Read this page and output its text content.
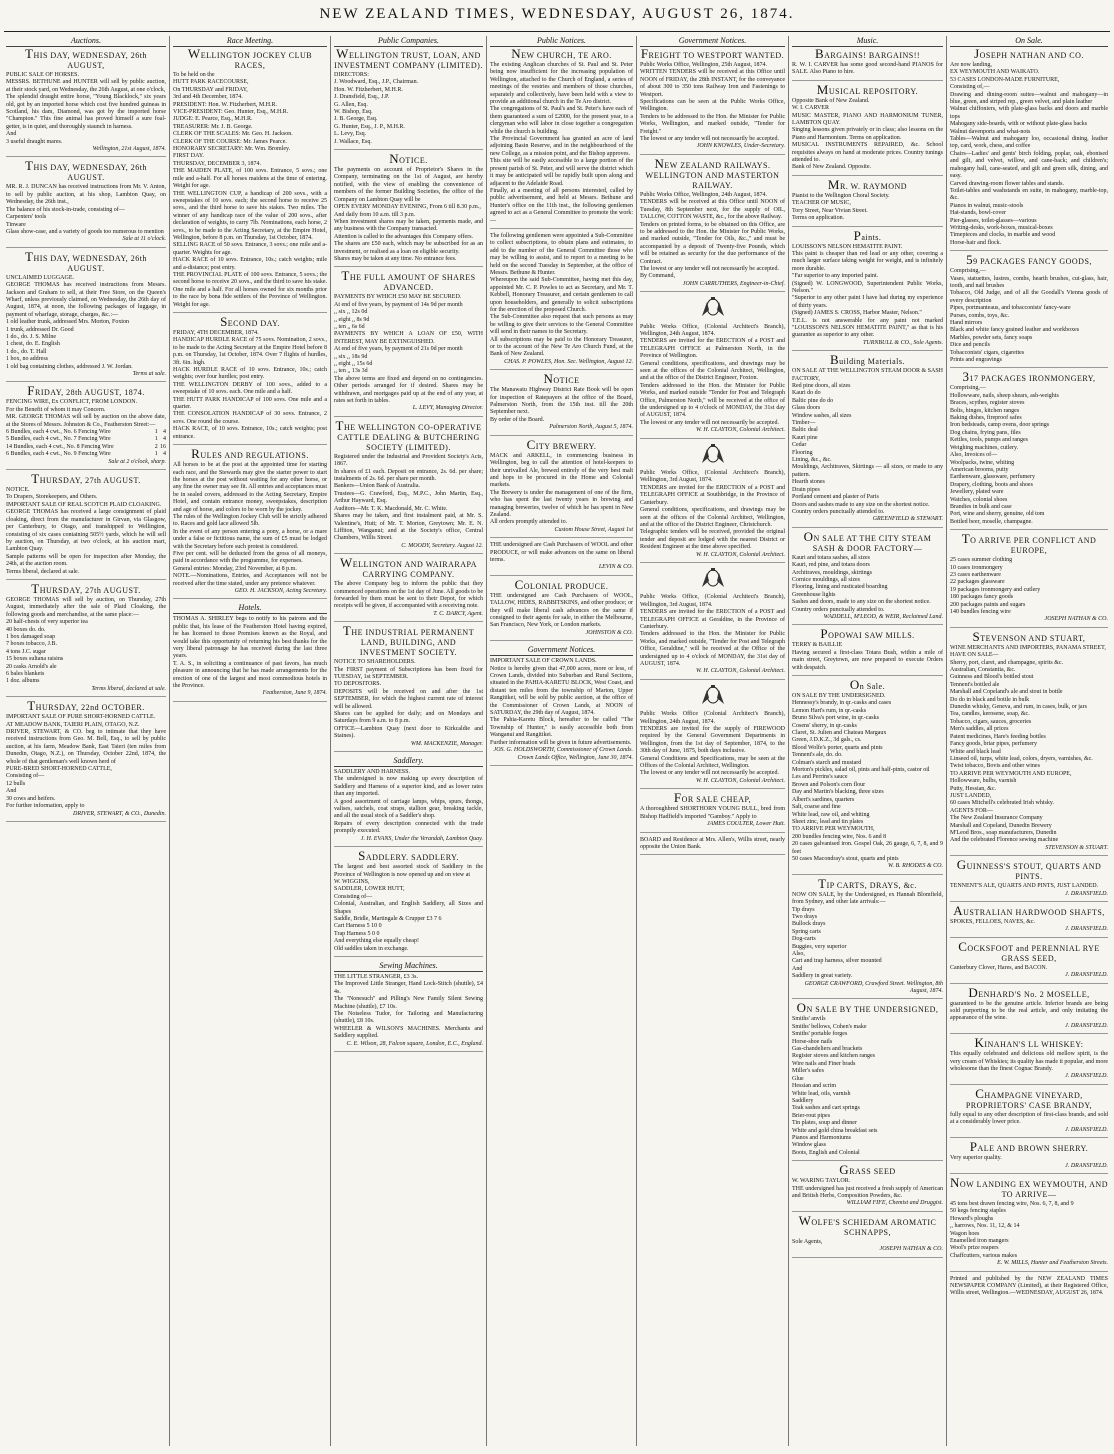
NEW ZEALAND TIMES, WEDNESDAY, AUGUST 26, 1874.
Auctions.
THIS DAY, WEDNESDAY, 26th AUGUST,
PUBLIC SALE OF HORSES.
MESSRS. BETHUNE and HUNTER will sell by public auction, at their stock yard, on Wednesday, the 26th August, at one o'clock,
The splendid draught entire horse, "Young Blacklock," six years old, got by an imported horse which cost five hundred guineas in Scotland, his dam, Diamond, was got by the imported horse "Champion." This fine animal has proved himself a sure foal-getter, is in quiet, and thoroughly staunch in harness.
And
3 useful draught mares.
Wellington, 21st August, 1874.
THIS DAY, WEDNESDAY, 26th AUGUST.
MR. R. J. DUNCAN has received instructions from Mr. V. Anton, to sell by public auction, at his shop, Lambton Quay, on Wednesday, the 26th inst.,
The balance of his stock-in-trade, consisting of—
Carpenters' tools
Tinware
Glass show-case, and a variety of goods too numerous to mention
Sale at 11 o'clock.
THIS DAY, WEDNESDAY, 26th AUGUST.
UNCLAIMED LUGGAGE.
GEORGE THOMAS has received instructions from Messrs. Jackson and Graham to sell, at their Free Store, on the Queen's Wharf, unless previously claimed, on Wednesday, the 26th day of August, 1874, at noon, the following packages of luggage, in payment of wharfage, storage, charges, &c.:—
1 old leather trunk, addressed Mrs. Morton, Foxton
1 trunk, addressed Dr. Good
1 do., do. J. S. Milne
1 chest, do. E. English
1 do., do. T. Hall
1 box, no address
1 old bag containing clothes, addressed J. W. Jordan.
Terms at sale.
FRIDAY, 28th AUGUST, 1874.
FENCING WIRE, Ex CONFLICT, FROM LONDON.
For the Benefit of whom it may Concern.
MR. GEORGE THOMAS will sell by auction on the above date, at the Stores of Messrs. Johnston & Co., Featherston Street:—
6 Bundles, each 4 cwt., No. 6 Fencing Wire	1	4
5 Bundles, each 4 cwt., No. 7 Fencing Wire	1	4
14 Bundles, each 4 cwt., No. 8 Fencing Wire	2	16
6 Bundles, each 4 cwt., No. 9 Fencing Wire	1	4
Sale at 2 o'clock, sharp.
THURSDAY, 27th AUGUST.
NOTICE.
To Drapers, Storekeepers, and Others.
IMPORTANT SALE OF REAL SCOTCH PLAID CLOAKING.
GEORGE THOMAS has received a large consignment of plaid cloaking, direct from the manufacturer in Girvan, via Glasgow, per Canterbury, to Otago, and transhipped to Wellington, consisting of six cases containing 505½ yards, which he will sell by auction, on Thursday, at two o'clock, at his auction mart, Lambton Quay.
Sample patterns will be open for inspection after Monday, the 24th, at the auction room.
Terms liberal, declared at sale.
THURSDAY, 27th AUGUST.
GEORGE THOMAS will sell by auction, on Thursday, 27th August, immediately after the sale of Plaid Cloaking, the following goods and merchandise, at the same place:—
20 half-chests of very superior tea
40 boxes do. do.
1 box damaged soap
7 boxes tobacco, J.B.
4 tons J.C. sugar
15 boxes sultana raisins
20 casks Arnold's ale
6 bales blankets
1 doz. albums
Terms liberal, declared at sale.
THURSDAY, 22nd OCTOBER.
IMPORTANT SALE OF PURE SHORT-HORNED CATTLE.
AT MEADOW BANK, TAIERI PLAIN, OTAGO, N.Z.
DRIVER, STEWART, & CO. beg to intimate that they have received instructions from Geo. M. Bell, Esq., to sell by public auction, at his farm, Meadow Bank, East Taieri (ten miles from Dunedin, Otago, N.Z.), on Thursday, October 22nd, 1874, the whole of that gentleman's well known herd of
PURE-BRED SHORT-HORNED CATTLE,
Consisting of—
12 bulls
And
30 cows and heifers.
For further information, apply to
DRIVER, STEWART, & CO., Dunedin.
Race Meeting.
WELLINGTON JOCKEY CLUB RACES,
To be held on the
HUTT PARK RACECOURSE,
On THURSDAY and FRIDAY,
3rd and 4th December, 1874.
PRESIDENT: Hon. W. Fitzherbert, M.H.R.
VICE-PRESIDENT: Geo. Hunter, Esq., M.H.R.
JUDGE: E. Pearce, Esq., M.H.R.
TREASURER: Mr. J. B. George.
CLERK OF THE SCALES: Mr. Geo. H. Jackson.
CLERK OF THE COURSE: Mr. James Pearce.
HONORARY SECRETARY: Mr. Wm. Bromley.
FIRST DAY.
THURSDAY, DECEMBER 3, 1874.
THE MAIDEN PLATE, of 100 sovs. Entrance, 5 sovs.; one mile and a-half. For all horses maidens at the time of entering. Weight for age.
THE WELLINGTON CUP, a handicap of 200 sovs., with a sweepstakes of 10 sovs. each; the second horse to receive 25 sovs., and the third horse to save his stakes. Two miles. The winner of any handicap race of the value of 200 sovs., after declaration of weights, to carry 7lb. Nominations, each horse, 2 sovs., to be made to the Acting Secretary, at the Empire Hotel, Wellington, before 8 p.m. on Thursday, 1st October, 1874.
SELLING RACE of 50 sovs. Entrance, 3 sovs.; one mile and a-quarter. Weights for age.
HACK RACE of 10 sovs. Entrance, 10s.; catch weights; mile and a-distance; post entry.
THE PROVINCIAL PLATE of 100 sovs. Entrance, 5 sovs.; the second horse to receive 20 sovs., and the third to save his stake. One mile and a half. For all horses owned for six months prior to the race by bona fide settlers of the Province of Wellington. Weight for age.
SECOND DAY.
FRIDAY, 4TH DECEMBER, 1874.
HANDICAP HURDLE RACE of 75 sovs. Nomination, 2 sovs., to be made to the Acting Secretary at the Empire Hotel before 8 p.m. on Thursday, 1st October, 1874. Over 7 flights of hurdles, 3ft. 6in. high.
HACK HURDLE RACE of 10 sovs. Entrance, 10s.; catch weights; over four hurdles; post entry.
THE WELLINGTON DERBY of 100 sovs., added to a sweepstake of 10 sovs. each. One mile and a half.
THE HUTT PARK HANDICAP of 100 sovs. One mile and a quarter.
THE CONSOLATION HANDICAP of 30 sovs. Entrance, 2 sovs. One round the course.
HACK RACE, of 10 sovs. Entrance, 10s.; catch weights; post entrance.
RULES AND REGULATIONS.
All horses to be at the post at the appointed time for starting each race, and the Stewards may give the starter power to start the horses at the post without waiting for any other horse, or any fine the owner may see fit. All entries and acceptances must be in sealed covers, addressed to the Acting Secretary, Empire Hotel, and contain entrance money, sweepstakes, description and age of horse, and colors to be worn by the jockey.
The rules of the Wellington Jockey Club will be strictly adhered to. Races and gold lace allowed 5lb.
In the event of any person entering a pony, a horse, or a mare under a false or fictitious name, the sum of £5 must be lodged with the Secretary before such protest is considered.
Five per cent. will be deducted from the gross of all moneys, paid in accordance with the programme, for expenses.
General entries: Monday, 23rd November, at 8 p.m.
NOTE.—Nominations, Entries, and Acceptances will not be received after the time stated, under any pretence whatever.
GEO. H. JACKSON, Acting Secretary.
Hotels.
THOMAS A. SHIRLEY begs to notify to his patrons and the public that, his lease of the Featherston Hotel having expired, he has licensed to those Premises known as the Royal, and would take this opportunity of returning his best thanks for the very liberal patronage he has received during the last three years.
T. A. S., in soliciting a continuance of past favors, has much pleasure in announcing that he has made arrangements for the erection of one of the largest and most commodious hotels in the Province.
Featherston, June 9, 1874.
Public Companies.
WELLINGTON TRUST, LOAN, AND INVESTMENT COMPANY (LIMITED).
DIRECTORS:
J. Woodward, Esq., J.P., Chairman.
Hon. W. Fitzherbert, M.H.R.
J. Dransfield, Esq., J.P.
G. Allen, Esq.
W. Bishop, Esq.
J. B. George, Esq.
G. Hunter, Esq., J. P., M.H.R.
L. Levy, Esq.
J. Wallace, Esq.
NOTICE.
The payments on account of Proprietor's Shares in the Company, terminating on the 1st of August, are hereby notified, with the view of enabling the convenience of members of the former Building Societies, the office of the Company on Lambton Quay will be
OPEN EVERY MONDAY EVENING, From 6 till 8.30 p.m.,
And daily from 10 a.m. till 3 p.m.
When investment shares may be taken, payments made, and any business with the Company transacted.
Attention is called to the advantages this Company offers.
The shares are £50 each, which may be subscribed for as an investment, or realised as a loan on eligible security.
Shares may be taken at any time. No entrance fees.
THE FULL AMOUNT OF SHARES ADVANCED.
PAYMENTS BY WHICH £50 MAY BE SECURED.
At end of five years, by payment of 14s 9d per month
,, six ,, 12s 0d
,, eight ,, 8s 9d
,, ten ,, 6s 6d
PAYMENTS BY WHICH A LOAN OF £50, WITH INTEREST, MAY BE EXTINGUISHED.
At end of five years, by payment of 21s 0d per month
,, six ,, 18s 9d
,, eight ,, 15s 6d
,, ten ,, 13s 3d
The above terms are fixed and depend on no contingencies. Other periods arranged for if desired. Shares may be withdrawn, and mortgages paid up at the end of any year, at rates set forth in tables.
L. LEVY, Managing Director.
THE WELLINGTON CO-OPERATIVE CATTLE DEALING & BUTCHERING SOCIETY (LIMITED).
Registered under the Industrial and Provident Society's Acts, 1867.
In shares of £1 each. Deposit on entrance, 2s. 6d. per share; instalments of 2s. 6d. per share per month.
Bankers—Union Bank of Australia.
Trustees—G. Crawford, Esq., M.P.C., John Martin, Esq., Arthur Hayward, Esq.
Auditors—Mr. T. K. Macdonald, Mr. C. White.
Shares may be taken, and first instalment paid, at Mr. S. Valentine's, Hutt; of Mr. T. Morton, Greytown; Mr. E. N. Liffiton, Wanganui; and at the Society's office, Central Chambers, Willis Street.
C. MOODY, Secretary. August 12.
WELLINGTON AND WAIRARAPA CARRYING COMPANY.
The above Company beg to inform the public that they commenced operations on the 1st day of June. All goods to be forwarded by them must be sent to their Depot, for which receipts will be given, if accompanied with a receiving note.
T. C. DARCY, Agent.
THE INDUSTRIAL PERMANENT LAND, BUILDING, AND INVESTMENT SOCIETY.
NOTICE TO SHAREHOLDERS.
The FIRST payment of Subscriptions has been fixed for TUESDAY, 1st SEPTEMBER.
TO DEPOSITORS.
DEPOSITS will be received on and after the 1st SEPTEMBER, for which the highest current rate of interest will be allowed.
Shares can be applied for daily; and on Mondays and Saturdays from 9 a.m. to 8 p.m.
OFFICE—Lambton Quay (next door to Kirkcaldie and Staines).
WM. MACKENZIE, Manager.
Saddlery.
SADDLERY AND HARNESS.
The undersigned is now making up every description of Saddlery and Harness of a superior kind, and as lower rates than any imported.
A good assortment of carriage lamps, whips, spurs, thongs, valises, satchels, coat straps, stallion gear, breaking tackle, and all the usual stock of a Saddler's shop.
Repairs of every description connected with the trade promptly executed.
J. H. EVANS, Under the Verandah, Lambton Quay.
SADDLERY. SADDLERY.
The largest and best assorted stock of Saddlery in the Province of Wellington is now opened up and on view at
W. WIGGINS,
SADDLER, LOWER HUTT,
Consisting of—
Colonial, Australian, and English Saddlery, all Sizes and Shapes
Saddle, Bridle, Martingale & Crupper £3 7 6
Cart Harness 5 10 0
Trap Harness 5 0 0
And everything else equally cheap!
Old saddles taken in exchange.
Sewing Machines.
THE LITTLE STRANGER, £3 3s.
The Improved Little Stranger, Hand Lock-Stitch (shuttle), £4 4s.
The "Nonesuch" and Pilling's New Family Silent Sewing Machine (shuttle), £7 10s.
The Noiseless Tudor, for Tailoring and Manufacturing (shuttle), £8 10s.
WHEELER & WILSON'S MACHINES. Merchants and Saddlery supplied.
C. E. Wilson, 28, Falcon square, London, E.C., England.
Public Notices.
NEW CHURCH, TE ARO.
The existing Anglican churches of St. Paul and St. Peter being now insufficient for the increasing population of Wellington, attached to the Church of England, a series of meetings of the vestries and members of those churches, separately and collectively, have been held with a view to provide an additional church in the Te Aro district.
The congregations of St. Paul's and St. Peter's have each of them guaranteed a sum of £2000, for the present year, to a clergyman who will labor in close together a congregation while the church is building.
The Provincial Government has granted an acre of land adjoining Basin Reserve, and in the neighbourhood of the new College, as a mission point, and the Bishop approves.
This site will be easily accessible to a large portion of the present parish of St. Peter, and will serve the district which it may be anticipated will be rapidly built upon along and adjacent to the Adelaide Road.
Finally, at a meeting of all persons interested, called by public advertisement, and held at Messrs. Bethune and Hunter's office on the 11th inst., the following gentlemen agreed to act as a General Committee to promote the work:—
The following gentlemen were appointed a Sub-Committee to collect subscriptions, to obtain plans and estimates, to add to the number of the General Committee those who may be willing to assist, and to report to a meeting to be held on the second Tuesday in September, at the office of Messrs. Bethune & Hunter.
Whereupon the said Sub-Committee, having met this day, appointed Mr. C. P. Powles to act as Secretary, and Mr. T. Kebbell, Honorary Treasurer, and certain gentlemen to call upon householders, and generally to solicit subscriptions for the erection of the proposed Church.
The Sub-Committee also request that such persons as may be willing to give their services to the General Committee will send in their names to the Secretary.
All subscriptions may be paid to the Honorary Treasurer, or to the account of the New Te Aro Church Fund, at the Bank of New Zealand.
CHAS. P. POWLES, Hon. Sec. Wellington, August 12.
NOTICE
The Manawatu Highway District Rate Book will be open for inspection of Ratepayers at the office of the Board, Palmerston North, from the 15th inst. till the 20th September next.
By order of the Board.
Palmerston North, August 5, 1874.
CITY BREWERY.
MACK and ARKELL, in commencing business in Wellington, beg to call the attention of hotel-keepers to their unrivalled Ale, brewed entirely of the very best malt and hops to be procured in the Home and Colonial markets.
The Brewery is under the management of one of the firm, who has spent the last twenty years in brewing and managing breweries, twelve of which he has spent in New Zealand.
All orders promptly attended to.
Custom House Street, August 1st
THE undersigned are Cash Purchasers of WOOL and other PRODUCE, or will make advances on the same on liberal terms.
LEVIN & CO.
COLONIAL PRODUCE.
THE undersigned are Cash Purchasers of WOOL, TALLOW, HIDES, RABBITSKINS, and other produce; or they will make liberal cash advances on the same if consigned to their agents for sale, in either the Melbourne, San Francisco, New York, or London markets.
JOHNSTON & CO.
Government Notices.
IMPORTANT SALE OF CROWN LANDS.
Notice is hereby given that 47,000 acres, more or less, of Crown Lands, divided into Suburban and Rural Sections, situated in the PAHIA-KARETU BLOCK, West Coast, and distant ten miles from the township of Marton, Upper Rangitikei, will be sold by public auction, at the office of the Commissioner of Crown Lands, at NOON of SATURDAY, the 29th day of August, 1874.
The Pahia-Karetu Block, hereafter to be called "The Township of Hunter," is easily accessible both from Wanganui and Rangitikei.
Further information will be given in future advertisements.
JOS. G. HOLDSWORTH, Commissioner of Crown Lands. Crown Lands Office, Wellington, June 30, 1874.
Government Notices.
FREIGHT TO WESTPORT WANTED.
Public Works Office, Wellington, 25th August, 1874.
WRITTEN TENDERS will be received at this Office until NOON of FRIDAY, the 28th INSTANT, for the conveyance of about 300 to 350 tons Railway Iron and Fastenings to Westport.
Specifications can be seen at the Public Works Office, Wellington.
Tenders to be addressed to the Hon. the Minister for Public Works, Wellington, and marked outside, "Tender for Freight."
The lowest or any tender will not necessarily be accepted.
JOHN KNOWLES, Under-Secretary.
NEW ZEALAND RAILWAYS. WELLINGTON AND MASTERTON RAILWAY.
Public Works Office, Wellington, 24th August, 1874.
TENDERS will be received at this Office until NOON of Tuesday, 8th September next, for the supply of OIL, TALLOW, COTTON WASTE, &c., for the above Railway.
Tenders on printed forms, to be obtained on this Office, are to be addressed to the Hon. the Minister for Public Works, and marked outside, "Tender for Oils, &c.," and must be accompanied by a deposit of Twenty-five Pounds, which will be retained as security for the due performance of the Contract.
The lowest or any tender will not necessarily be accepted.
By Command,
JOHN CARRUTHERS, Engineer-in-Chief.
Public Works Office, (Colonial Architect's Branch), Wellington, 24th August, 1874.
TENDERS are invited for the ERECTION of a POST and TELEGRAPH OFFICE at Palmerston North, in the Province of Wellington.
General conditions, specifications, and drawings may be seen at the offices of the Colonial Architect, Wellington, and at the office of the District Engineer, Foxton.
Tenders addressed to the Hon. the Minister for Public Works, and marked outside "Tender for Post and Telegraph Office, Palmerston North," will be received at the office of the undersigned up to 4 o'clock of MONDAY, the 31st day of AUGUST, 1874.
The lowest or any tender will not necessarily be accepted.
W. H. CLAYTON, Colonial Architect.
Public Works Office, (Colonial Architect's Branch), Wellington, 3rd August, 1874.
TENDERS are invited for the ERECTION of a POST and TELEGRAPH OFFICE at Southbridge, in the Province of Canterbury.
General conditions, specifications, and drawings may be seen at the offices of the Colonial Architect, Wellington, and at the office of the District Engineer, Christchurch.
Telegraphic tenders will be received, provided the original tender and deposit are lodged with the nearest District or Resident Engineer at the time above specified.
W. H. CLAYTON, Colonial Architect.
Public Works Office, (Colonial Architect's Branch), Wellington, 3rd August, 1874.
TENDERS are invited for the ERECTION of a POST and TELEGRAPH OFFICE at Geraldine, in the Province of Canterbury.
Tenders addressed to the Hon. the Minister for Public Works, and marked outside, "Tender for Post and Telegraph Office, Geraldine," will be received at the Office of the undersigned up to 4 o'clock of MONDAY, the 31st day of AUGUST, 1874.
W. H. CLAYTON, Colonial Architect.
Public Works Office (Colonial Architect's Branch), Wellington, 24th August, 1874.
TENDERS are invited for the supply of FIREWOOD required by the General Government Departments in Wellington, from the 1st day of September, 1874, to the 30th day of June, 1875, both days inclusive.
General Conditions and Specifications, may be seen at the Offices of the Colonial Architect, Wellington.
The lowest or any tender will not necessarily be accepted.
W. H. CLAYTON, Colonial Architect.
FOR SALE CHEAP,
A thoroughbred SHORTHORN YOUNG BULL, bred from Bishop Hadfield's imported "Gamboy." Apply to
JAMES COULTER, Lower Hutt.
BOARD and Residence at Mrs. Allen's, Willis street, nearly opposite the Union Bank.
Music.
BARGAINS! BARGAINS!!
R. W. I. CARVER has some good second-hand PIANOS for SALE. Also Piano to hire.
MUSICAL REPOSITORY.
Opposite Bank of New Zealand.
W. I. CARVER
MUSIC MASTER, PIANO AND HARMONIUM TUNER, LAMBTON QUAY.
Singing lessons given privately or in class; also lessons on the Piano and Harmonium. Terms on application.
MUSICAL INSTRUMENTS REPAIRED, &c. School requisites always on hand at moderate prices. Country tunings attended to.
Bank of New Zealand. Opposite.
MR. W. RAYMOND
Pianist to the Wellington Choral Society.
TEACHER OF MUSIC,
Tory Street, Near Vivian Street.
Terms on application.
Paints.
LOUISSON'S NELSON HEMATITE PAINT.
This paint is cheaper than red lead or any other, covering a much larger surface taking weight for weight, and is infinitely more durable.
"Far superior to any imported paint.
(Signed) W. LONGWOOD, Superintendent Public Works, Nelson."
"Superior to any other paint I have had during my experience of thirty years.
(Signed) JAMES S. CROSS, Harbor Master, Nelson."
T.E.L. is not answerable for any paint not marked "LOUISSON'S NELSON HEMATITE PAINT," as that is his guarantee as superior to any other.
TURNBULL & CO., Sole Agents.
Building Materials.
ON SALE AT THE WELLINGTON STEAM DOOR & SASH FACTORY,
Red pine doors, all sizes
Kauri do do
Baltic pine do do
Glass doors
Window sashes, all sizes
Timber—
Baltic deal
Kauri pine
Cedar
Flooring
Lining, &c., &c.
Mouldings, Architraves, Skirtings — all sizes, or made to any pattern.
Hearth stones
Drain pipes
Portland cement and plaster of Paris
Doors and sashes made to any size on the shortest notice.
Country orders punctually attended to.
GREENFIELD & STEWART.
ON SALE AT THE CITY STEAM SASH & DOOR FACTORY—
Kauri and totara sashes, all sizes
Kauri, red pine, and totara doors
Architraves, mouldings, skirtings
Cornice mouldings, all sizes
Flooring, lining and rusticated boarding
Greenhouse lights
Sashes and doors, made to any size on the shortest notice.
Country orders punctually attended to.
WADDELL, M'LEOD, & WEIR, Reclaimed Land.
POPOWAI SAW MILLS.
TERRY & BAILLIE
Having secured a first-class Totara Bush, within a mile of main street, Greytown, are now prepared to execute Orders with despatch.
On Sale.
ON SALE BY THE UNDERSIGNED.
Hennessy's brandy, in qr.-casks and cases
Lemon Hart's rum, in qr.-casks
Bruno Silva's port wine, in qr.-casks
Cosens' sherry, in qr.-casks
Claret, St. Julien and Chateau Margaux
Green, J.D.K.Z., 3d gals., cs.
Blood Wolfe's porter, quarts and pints
Tennent's ale, do. do.
Colman's starch and mustard
Morton's pickles, salad oil, pints and half-pints, castor oil
Les and Perrins's sauce
Brown and Polson's corn flour
Day and Martin's blacking, three sizes
Albert's sardines, quarters
Salt, coarse and fine
White lead, raw oil, and whiting
Sheet zinc, lead and tin plates
TO ARRIVE PER WEYMOUTH,
200 bundles fencing wire, Nos. 6 and 8
20 cases galvanised iron. Gospel Oak, 26 gauge, 6, 7, 8, and 9 feet
50 cases Macondray's stout, quarts and pints
W. B. RHODES & CO.
TIP CARTS, DRAYS, &c.
NOW ON SALE, by the Undersigned, ex Hannah Blomfield, from Sydney, and other late arrivals:—
Tip drays
Two drays
Bullock drays
Spring carts
Dog-carts
Buggies, very superior
Also,
Cart and trap harness, silver mounted
And
Saddlery in great variety.
GEORGE CRAWFORD, Crawford Street. Wellington, 8th August, 1874.
ON SALE BY THE UNDERSIGNED,
Smiths' anvils
Smiths' bellows, Cohen's make
Smiths' portable forges
Horse-shoe nails
Gas-chandeliers and brackets
Register stoves and kitchen ranges
Wire nails and Finer brads
Miller's safes
Glue
Hessian and scrim
White lead, oils, varnish
Saddlery
Teak sashes and cart springs
Brier-rout pipes
Tin plates, soup and dinner
White and gold china breakfast sets
Pianos and Harmoniums
Window glass
Boots, English and Colonial
GRASS SEED
W. WARING TAYLOR.
THE undersigned has just received a fresh supply of American and British Herbs, Composition Powders, &c.
WILLIAM FIFE, Chemist and Druggist.
WOLFE'S SCHIEDAM AROMATIC SCHNAPPS,
Sole Agents,
JOSEPH NATHAN & CO.
On Sale.
JOSEPH NATHAN AND CO.
Are now landing,
EX WEYMOUTH AND WAIKATO.
53 CASES LONDON-MADE FURNITURE,
Consisting of,—
Drawing and dining-room suites—walnut and mahogany—in blue, green, and striped rep., green velvet, and plain leather
Walnut chiffoniers, with plate-glass backs and doors and marble tops
Mahogany side-boards, with or without plate-glass backs
Walnut davenports and what-nots
Tables—Walnut and mahogany loo, occasional dining, leather top, card, work, chess, and coffee
Chairs—Ladies' and gents' birch folding, poplar, oak, ebonised and gilt, and velvet, willow, and cane-back; and children's; mahogany hall, cane-seated, and gilt and green silk, dining, and easy.
Carved drawing-room flower tables and stands.
Toilet-tables and washstands en suite, in mahogany, marble-top, &c.
Pianos in walnut, music-stools
Hat-stands, bowl-cover
Pier-glasses, toilet-glasses—various
Writing-desks, work-boxes, musical-boxes
Timepieces and clocks, in marble and wood
Horse-hair and flock.
59 PACKAGES FANCY GOODS,
Comprising,—
Vases, statuettes, lustres, combs, hearth brushes, cut-glass, hair, tooth, and nail brushes
Tobacco, Old Judge, and of all the Goodall's Vienna goods of every description
Pipes, portmanteaus, and tobacconists' fancy-ware
Purses, combs, toys, &c.
Hand mirrors
Black and white fancy grained leather and workboxes
Marbles, powder sets, fancy soaps
Dice and pencils
Tobacconists' cigars, cigarettes
Prints and engravings
317 PACKAGES IRONMONGERY,
Comprising,—
Hollowware, nails, sheep shears, ash-weights
Braces, scythes, register stoves
Bolts, hinges, kitchen ranges
Baking dishes, fireproof safes
Iron bedsteads, camp ovens, door springs
Dog chains, frying pans, files
Kettles, tools, pumps and ranges
Weighing machines, cutlery.
Also, Invoices of—
Woolpacks, twine, whiting
American brooms, putty
Earthenware, glassware, perfumery
Drapery, clothing, boots and shoes
Jewellery, plated ware
Watches, colonial shoes
Brandies in bulk and case
Port, wine and sherry, genuine, old tom
Bottled beer, moselle, champagne.
TO ARRIVE PER CONFLICT AND EUROPE,
25 cases summer clothing
10 cases ironmongery
23 cases earthenware
22 packages glassware
19 packages ironmongery and cutlery
180 packages fancy goods
200 packages paints and sugars
140 bundles fencing wire
JOSEPH NATHAN & CO.
STEVENSON AND STUART,
WINE MERCHANTS AND IMPORTERS, PANAMA STREET,
HAVE ON SALE—
Sherry, port, claret, and champagne, spirits &c.
Australian, Constantia, &c.
Guinness and Blood's bottled stout
Tennent's bottled ale
Marshall and Copeland's ale and stout in bottle
Do do in black and bottle in bulk
Dunedin whisky, Geneva, and rum, in cases, bulk, or jars
Tea, candles, kerosene, soap, &c.
Tobacco, cigars, sauces, groceries
Men's saddles, all prices
Patent medicines, Hare's feeding bottles
Fancy goods, briar pipes, perfumery
White and black lead
Linseed oil, turps, white lead, colors, dryers, varnishes, &c.
Twist tobacco, Bovis and other wines
TO ARRIVE PER WEYMOUTH AND EUROPE,
Hollowware, bulbs, varnish
Putty, Hessian, &c.
JUST LANDED,
60 cases Mitchell's celebrated Irish whisky.
AGENTS FOR—
The New Zealand Insurance Company
Marshall and Copeland, Dunedin Brewery
M'Leod Bros., soap manufacturers, Dunedin
And the celebrated Florence sewing machine
STEVENSON & STUART.
GUINNESS'S STOUT, QUARTS AND PINTS.
TENNENT'S ALE, QUARTS AND PINTS, JUST LANDED.
J. DRANSFIELD.
AUSTRALIAN HARDWOOD SHAFTS,
SPOKES, FELLOES, NAVES, &c.
J. DRANSFIELD.
COCKSFOOT and PERENNIAL RYE GRASS SEED,
Canterbury Clover, Hares, and BACON.
J. DRANSFIELD.
DENHARD'S No. 2 MOSELLE,
guaranteed to be the genuine article. Inferior brands are being sold purporting to be the real article, and only imitating the appearance of the wine.
J. DRANSFIELD.
KINAHAN'S LL WHISKEY:
This equally celebrated and delicious old mellow spirit, is the very cream of Whiskies; its quality has made it popular, and more wholesome than the finest Cognac Brandy.
J. DRANSFIELD.
CHAMPAGNE VINEYARD, PROPRIETORS' CASE BRANDY,
fully equal to any other description of first-class brands, and sold at a considerably lower price.
J. DRANSFIELD.
PALE AND BROWN SHERRY.
Very superior quality.
J. DRANSFIELD.
NOW LANDING EX WEYMOUTH, AND TO ARRIVE—
45 tons best drawn fencing wire, Nos. 6, 7, 8, and 9
50 kegs fencing staples
Howard's ploughs
,, harrows, Nos. 11, 12, & 14
Wagon hoes
Enamelled iron mangers
Wool's prize reapers
Chaffcutters, various makes
E. W. MILLS, Hunter and Featherston Streets.
Printed and published by the NEW ZEALAND TIMES NEWSPAPER COMPANY (Limited), at their Registered Office, Willis street, Wellington.—WEDNESDAY, AUGUST 26, 1874.
